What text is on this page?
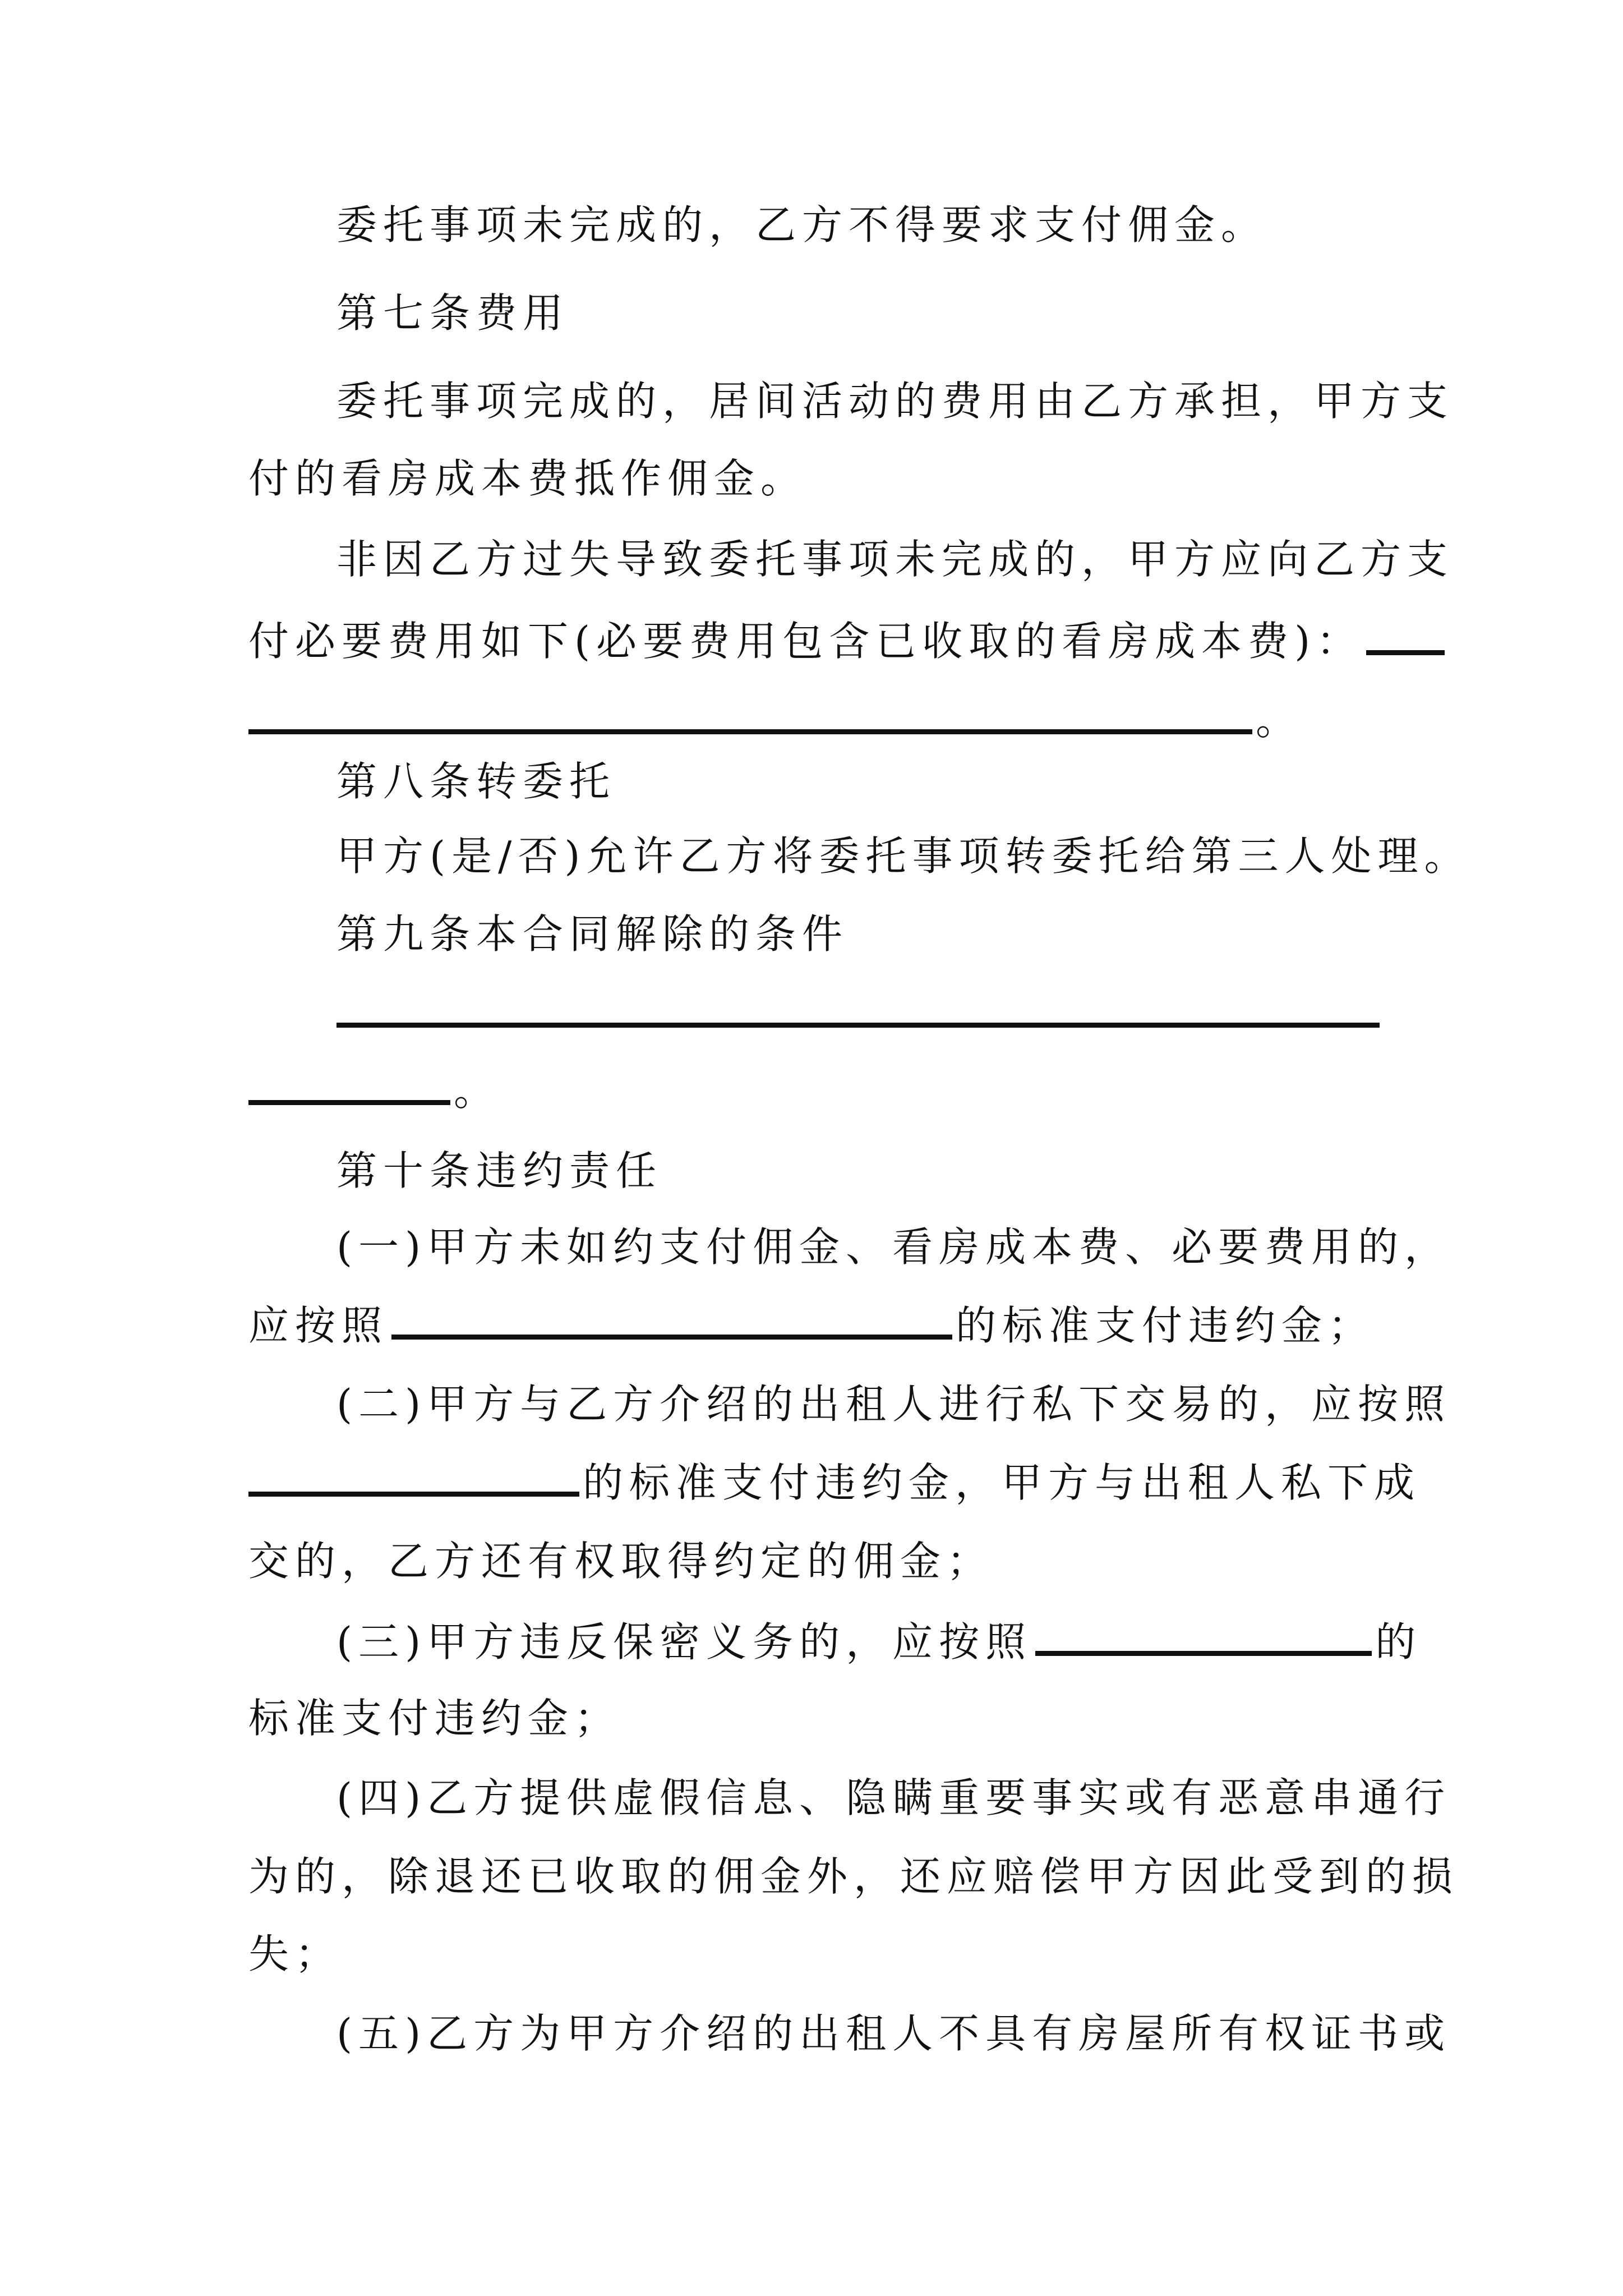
委托事项未完成的，乙方不得要求支付佣金。
第七条费用
委托事项完成的，居间活动的费用由乙方承担，甲方支
付的看房成本费抵作佣金。
非因乙方过失导致委托事项未完成的，甲方应向乙方支
付必要费用如下(必要费用包含已收取的看房成本费)：
。
第八条转委托
甲方(是/否)允许乙方将委托事项转委托给第三人处理。
第九条本合同解除的条件
。
第十条违约责任
(一)甲方未如约支付佣金、看房成本费、必要费用的，
应按照	的标准支付违约金；
(二)甲方与乙方介绍的出租人进行私下交易的，应按照
的标准支付违约金，甲方与出租人私下成
交的，乙方还有权取得约定的佣金；
(三)甲方违反保密义务的，应按照	的
标准支付违约金；
(四)乙方提供虚假信息、隐瞒重要事实或有恶意串通行
为的，除退还已收取的佣金外，还应赔偿甲方因此受到的损
失；
(五)乙方为甲方介绍的出租人不具有房屋所有权证书或
